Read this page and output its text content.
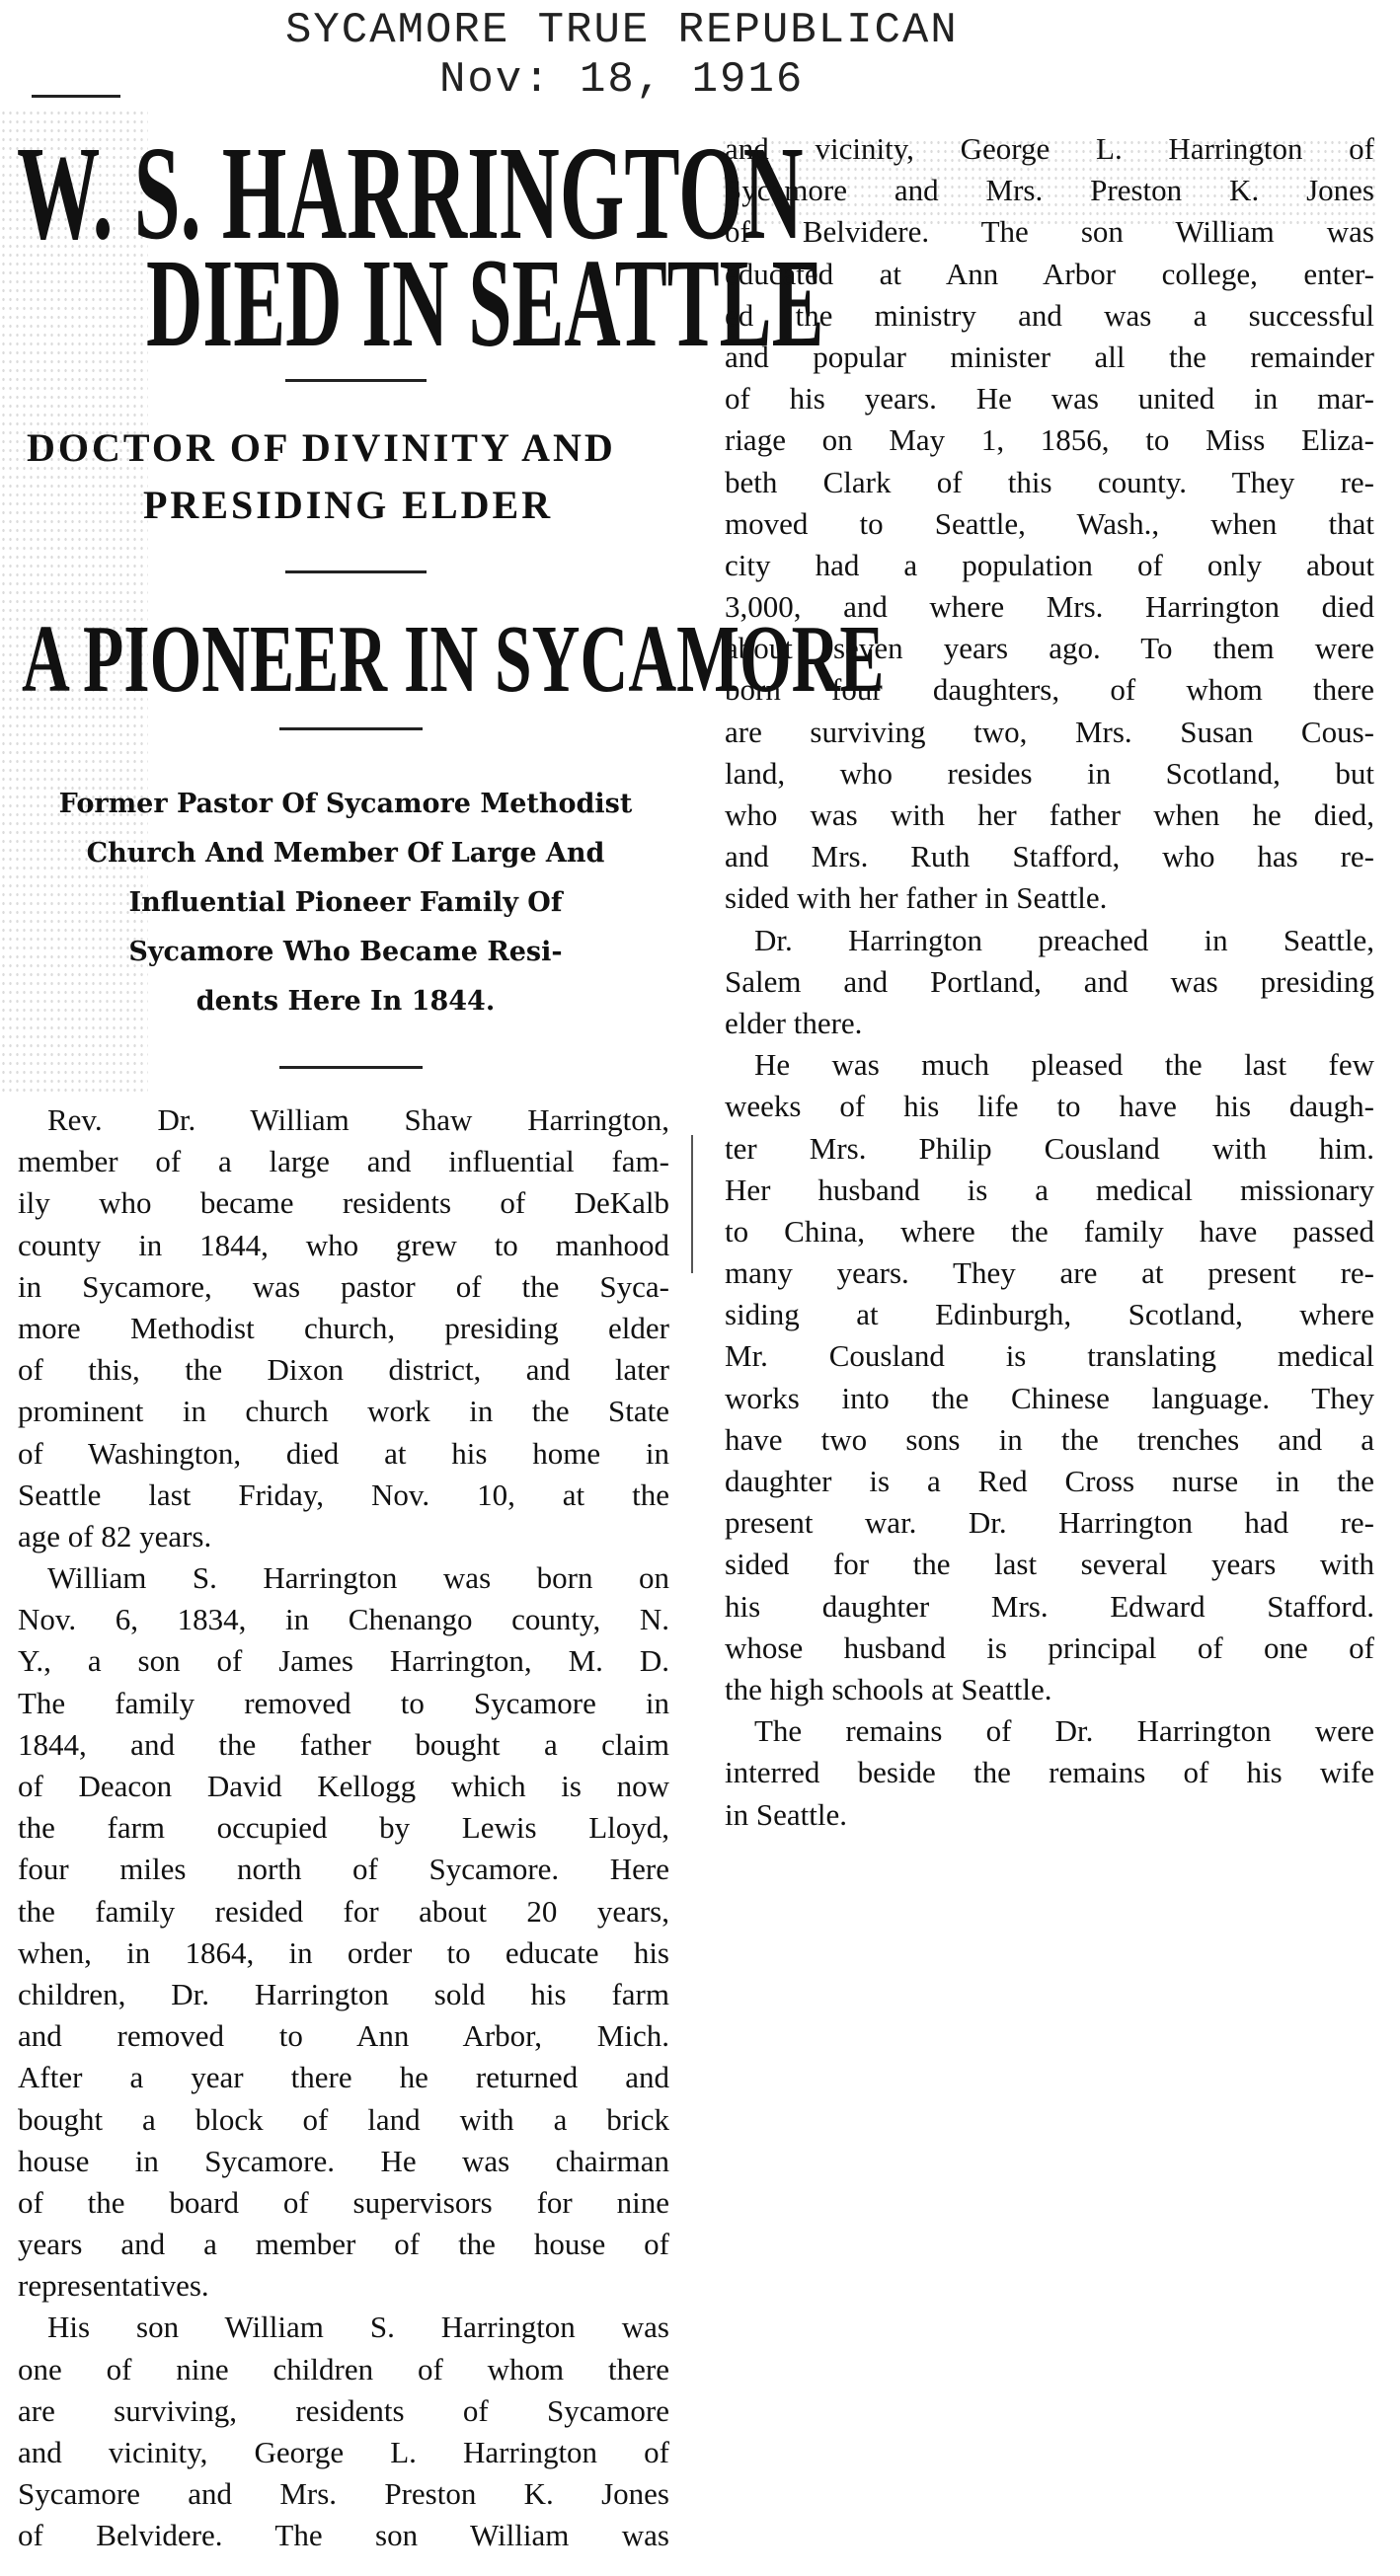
SYCAMORE TRUE REPUBLICAN
Nov: 18, 1916
W. S. HARRINGTON
DIED IN SEATTLE
DOCTOR OF DIVINITY AND
PRESIDING ELDER
A PIONEER IN SYCAMORE
Former Pastor Of Sycamore Methodist
Church And Member Of Large And
Influential Pioneer Family Of
Sycamore Who Became Resi-
dents Here In 1844.
Rev. Dr. William Shaw Harrington,
member of a large and influential fam-
ily who became residents of DeKalb
county in 1844, who grew to manhood
in Sycamore, was pastor of the Syca-
more Methodist church, presiding elder
of this, the Dixon district, and later
prominent in church work in the State
of Washington, died at his home in
Seattle last Friday, Nov. 10, at the
age of 82 years.
William S. Harrington was born on
Nov. 6, 1834, in Chenango county, N.
Y., a son of James Harrington, M. D.
The family removed to Sycamore in
1844, and the father bought a claim
of Deacon David Kellogg which is now
the farm occupied by Lewis Lloyd,
four miles north of Sycamore. Here
the family resided for about 20 years,
when, in 1864, in order to educate his
children, Dr. Harrington sold his farm
and removed to Ann Arbor, Mich.
After a year there he returned and
bought a block of land with a brick
house in Sycamore. He was chairman
of the board of supervisors for nine
years and a member of the house of
representatives.
His son William S. Harrington was
one of nine children of whom there
are surviving, residents of Sycamore
and vicinity, George L. Harrington of
Sycamore and Mrs. Preston K. Jones
of Belvidere. The son William was
and vicinity, George L. Harrington of
Sycamore and Mrs. Preston K. Jones
of Belvidere. The son William was
educated at Ann Arbor college, enter-
ed the ministry and was a successful
and popular minister all the remainder
of his years. He was united in mar-
riage on May 1, 1856, to Miss Eliza-
beth Clark of this county. They re-
moved to Seattle, Wash., when that
city had a population of only about
3,000, and where Mrs. Harrington died
about seven years ago. To them were
born four daughters, of whom there
are surviving two, Mrs. Susan Cous-
land, who resides in Scotland, but
who was with her father when he died,
and Mrs. Ruth Stafford, who has re-
sided with her father in Seattle.
Dr. Harrington preached in Seattle,
Salem and Portland, and was presiding
elder there.
He was much pleased the last few
weeks of his life to have his daugh-
ter Mrs. Philip Cousland with him.
Her husband is a medical missionary
to China, where the family have passed
many years. They are at present re-
siding at Edinburgh, Scotland, where
Mr. Cousland is translating medical
works into the Chinese language. They
have two sons in the trenches and a
daughter is a Red Cross nurse in the
present war. Dr. Harrington had re-
sided for the last several years with
his daughter Mrs. Edward Stafford.
whose husband is principal of one of
the high schools at Seattle.
The remains of Dr. Harrington were
interred beside the remains of his wife
in Seattle.
